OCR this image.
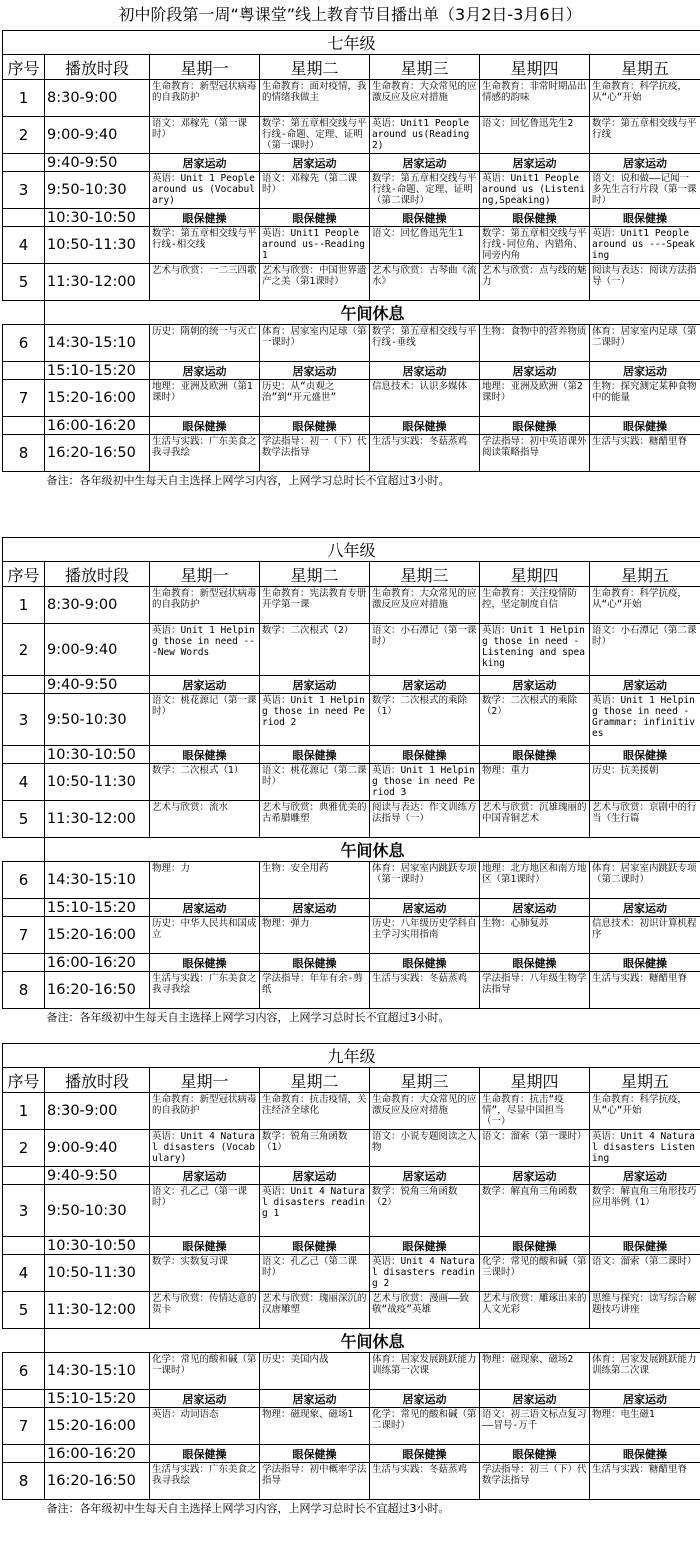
初中阶段第一周“粤课堂”线上教育节目播出单（3月2日-3月6日）
七年级						
序号	播放时段	星期一	星期二	星期三	星期四	星期五
1	8:30-9:00	生命教育：新型冠状病毒的自我防护	生命教育：面对疫情，我的情绪我做主	生命教育：大众常见的应激反应及应对措施	生命教育：非常时期品出情感的韵味	生命教育：科学抗疫，从“心“开始
2	9:00-9:40	语文：邓稼先（第一课时）	数学：第五章相交线与平行线-命题、定理、证明（第一课时）	英语：Unit1 People around us(Reading2)	语文：回忆鲁迅先生2	数学：第五章相交线与平行线
	9:40-9:50	居家运动	居家运动	居家运动	居家运动	居家运动
3	9:50-10:30	英语：Unit 1 People around us (Vocabulary)	语文：邓稼先（第二课时）	数学：第五章相交线与平行线-命题、定理、证明（第二课时）	英语：Unit1 People around us (Listening,Speaking)	语文：说和做——记闻一多先生言行片段（第一课时）
	10:30-10:50	眼保健操	眼保健操	眼保健操	眼保健操	眼保健操
4	10:50-11:30	数学：第五章相交线与平行线-相交线	英语：Unit1 People around us--Reading 1	语文：回忆鲁迅先生1	数学：第五章相交线与平行线-同位角、内错角、同旁内角	英语：Unit1 People around us ---Speaking
5	11:30-12:00	艺术与欣赏：一二三四歌	艺术与欣赏：中国世界遗产之美（第1课时）	艺术与欣赏：古琴曲《流水》	艺术与欣赏：点与线的魅力	阅读与表达：阅读方法指导（一）
	午间休息					
6	14:30-15:10	历史：隋朝的统一与灭亡	体育：居家室内足球（第一课时）	数学：第五章相交线与平行线-垂线	生物：食物中的营养物质	体育：居家室内足球（第二课时）
	15:10-15:20	居家运动	居家运动	居家运动	居家运动	居家运动
7	15:20-16:00	地理：亚洲及欧洲（第1课时）	历史：从“贞观之治”到“开元盛世”	信息技术：认识多媒体	地理：亚洲及欧洲（第2课时）	生物：探究测定某种食物中的能量
	16:00-16:20	眼保健操	眼保健操	眼保健操	眼保健操	眼保健操
8	16:20-16:50	生活与实践：广东美食之我寻我绘	学法指导：初一（下）代数学法指导	生活与实践：冬菇蒸鸡	学法指导：初中英语课外阅读策略指导	生活与实践：糖醋里脊
备注：各年级初中生每天自主选择上网学习内容，上网学习总时长不宜超过3小时。						

八年级						
序号	播放时段	星期一	星期二	星期三	星期四	星期五
1	8:30-9:00	生命教育：新型冠状病毒的自我防护	生命教育：宪法教育专册开学第一课	生命教育：大众常见的应激反应及应对措施	生命教育：关注疫情防控，坚定制度自信	生命教育：科学抗疫，从“心“开始
2	9:00-9:40	英语：Unit 1 Helping those in need ---New Words	数学：二次根式（2）	语文：小石潭记（第一课时）	英语：Unit 1 Helping those in need - Listening and speaking	语文：小石潭记（第二课时）
	9:40-9:50	居家运动	居家运动	居家运动	居家运动	居家运动
3	9:50-10:30	语文：桃花源记（第一课时）	英语：Unit 1 Helping those in need Period 2	数学：二次根式的乘除（1）	数学：二次根式的乘除（2）	英语：Unit 1 Helping those in need - Grammar: infinitives
	10:30-10:50	眼保健操	眼保健操	眼保健操	眼保健操	眼保健操
4	10:50-11:30	数学：二次根式（1）	语文：桃花源记（第二课时）	英语：Unit 1 Helping those in need Period 3	物理：重力	历史：抗美援朝
5	11:30-12:00	艺术与欣赏：流水	艺术与欣赏：典雅优美的古希腊雕塑	阅读与表达：作文训练方法指导（一）	艺术与欣赏：沉雄瑰丽的中国青铜艺术	艺术与欣赏：京剧中的行当（生行篇
	午间休息					
6	14:30-15:10	物理：力	生物：安全用药	体育：居家室内跳跃专项（第一课时）	地理：北方地区和南方地区（第1课时）	体育：居家室内跳跃专项（第二课时）
	15:10-15:20	居家运动	居家运动	居家运动	居家运动	居家运动
7	15:20-16:00	历史：中华人民共和国成立	物理：弹力	历史：八年级历史学科自主学习实用指南	生物：心肺复苏	信息技术：初识计算机程序
	16:00-16:20	眼保健操	眼保健操	眼保健操	眼保健操	眼保健操
8	16:20-16:50	生活与实践：广东美食之我寻我绘	学法指导：年年有余-剪纸	生活与实践：冬菇蒸鸡	学法指导：八年级生物学法指导	生活与实践：糖醋里脊
备注：各年级初中生每天自主选择上网学习内容，上网学习总时长不宜超过3小时。						

九年级						
序号	播放时段	星期一	星期二	星期三	星期四	星期五
1	8:30-9:00	生命教育：新型冠状病毒的自我防护	生命教育：抗击疫情，关注经济全球化	生命教育：大众常见的应激反应及应对措施	生命教育：抗击“疫情”，尽显中国担当（一）	生命教育：科学抗疫，从“心“开始
2	9:00-9:40	英语：Unit 4 Natural disasters (Vocabulary)	数学：锐角三角函数（1）	语文：小说专题阅读之人物	语文：溜索（第一课时）	英语：Unit 4 Natural disasters Listening
	9:40-9:50	居家运动	居家运动	居家运动	居家运动	居家运动
3	9:50-10:30	语文：孔乙己（第一课时）	英语：Unit 4 Natural disasters reading 1	数学：锐角三角函数（2）	数学：解直角三角函数	数学：解直角三角形技巧应用举例（1）
	10:30-10:50	眼保健操	眼保健操	眼保健操	眼保健操	眼保健操
4	10:50-11:30	数学：实数复习课	语文：孔乙己（第二课时）	英语：Unit 4 Natural disasters reading 2	化学：常见的酸和碱（第三课时）	语文：溜索（第二课时）
5	11:30-12:00	艺术与欣赏：传情达意的贺卡	艺术与欣赏：瑰丽深沉的汉唐雕塑	艺术与欣赏：漫画——致敬“战疫”英雄	艺术与欣赏：雕琢出来的人文光彩	思维与探究：读写综合解题技巧讲座
	午间休息					
6	14:30-15:10	化学：常见的酸和碱（第一课时）	历史：美国内战	体育：居家发展跳跃能力训练第一次课	物理：磁现象、磁场2	体育：居家发展跳跃能力训练第二次课
	15:10-15:20	居家运动	居家运动	居家运动	居家运动	居家运动
7	15:20-16:00	英语：动词语态	物理：磁现象、磁场1	化学：常见的酸和碱（第二课时）	语文：初三语文标点复习——冒号-万千	物理：电生磁1
	16:00-16:20	眼保健操	眼保健操	眼保健操	眼保健操	眼保健操
8	16:20-16:50	生活与实践：广东美食之我寻我绘	学法指导：初中概率学法指导	生活与实践：冬菇蒸鸡	学法指导：初三（下）代数学法指导	生活与实践：糖醋里脊
备注：各年级初中生每天自主选择上网学习内容，上网学习总时长不宜超过3小时。						
